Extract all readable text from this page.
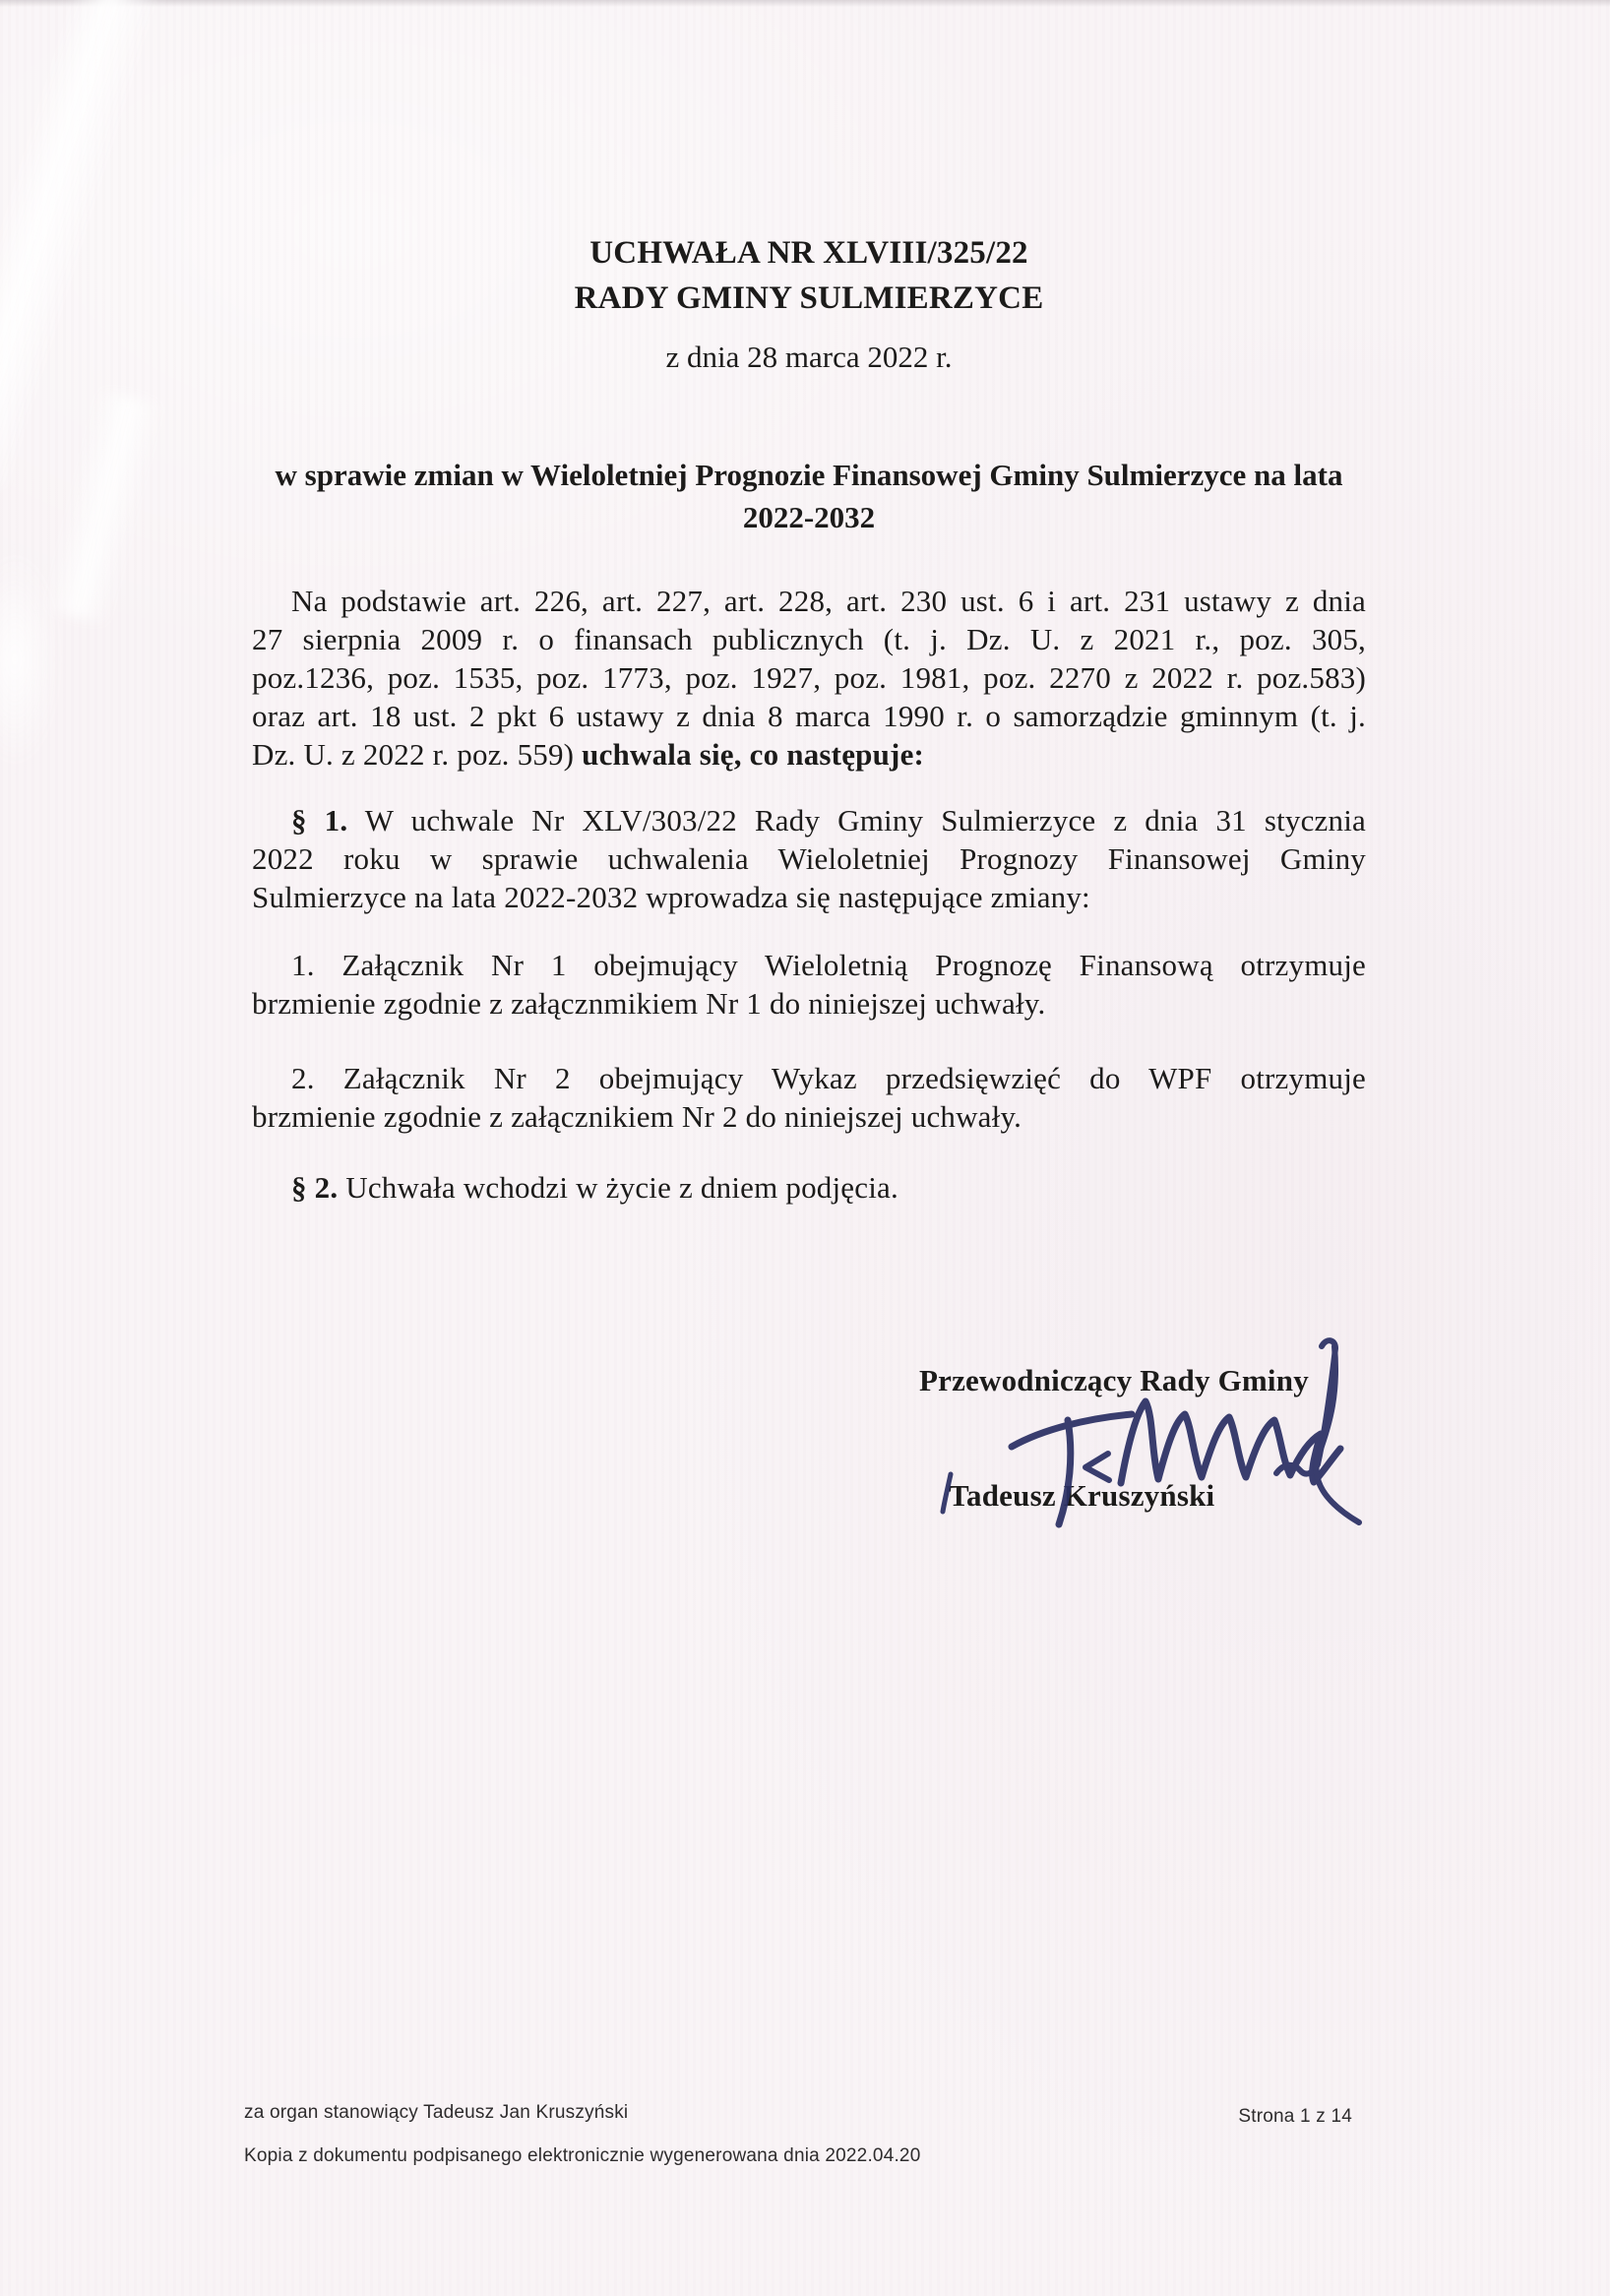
UCHWAŁA NR XLVIII/325/22
RADY GMINY SULMIERZYCE
z dnia 28 marca 2022 r.
w sprawie zmian w Wieloletniej Prognozie Finansowej Gminy Sulmierzyce na lata
2022-2032
Na podstawie art. 226, art. 227, art. 228, art. 230 ust. 6 i art. 231 ustawy z dnia
27 sierpnia 2009 r. o finansach publicznych (t. j. Dz. U. z 2021 r., poz. 305,
poz.1236, poz. 1535, poz. 1773, poz. 1927, poz. 1981, poz. 2270 z 2022 r. poz.583)
oraz art. 18 ust. 2 pkt 6 ustawy z dnia 8 marca 1990 r. o samorządzie gminnym (t. j.
Dz. U. z 2022 r. poz. 559) uchwala się, co następuje:
§ 1. W uchwale Nr XLV/303/22 Rady Gminy Sulmierzyce z dnia 31 stycznia
2022 roku w sprawie uchwalenia Wieloletniej Prognozy Finansowej Gminy
Sulmierzyce na lata 2022-2032 wprowadza się następujące zmiany:
1. Załącznik Nr 1 obejmujący Wieloletnią Prognozę Finansową otrzymuje
brzmienie zgodnie z załącznmikiem Nr 1 do niniejszej uchwały.
2. Załącznik Nr 2 obejmujący Wykaz przedsięwzięć do WPF otrzymuje
brzmienie zgodnie z załącznikiem Nr 2 do niniejszej uchwały.
§ 2. Uchwała wchodzi w życie z dniem podjęcia.
Przewodniczący Rady Gminy
Tadeusz Kruszyński
za organ stanowiący Tadeusz Jan Kruszyński
Kopia z dokumentu podpisanego elektronicznie wygenerowana dnia 2022.04.20
Strona 1 z 14
